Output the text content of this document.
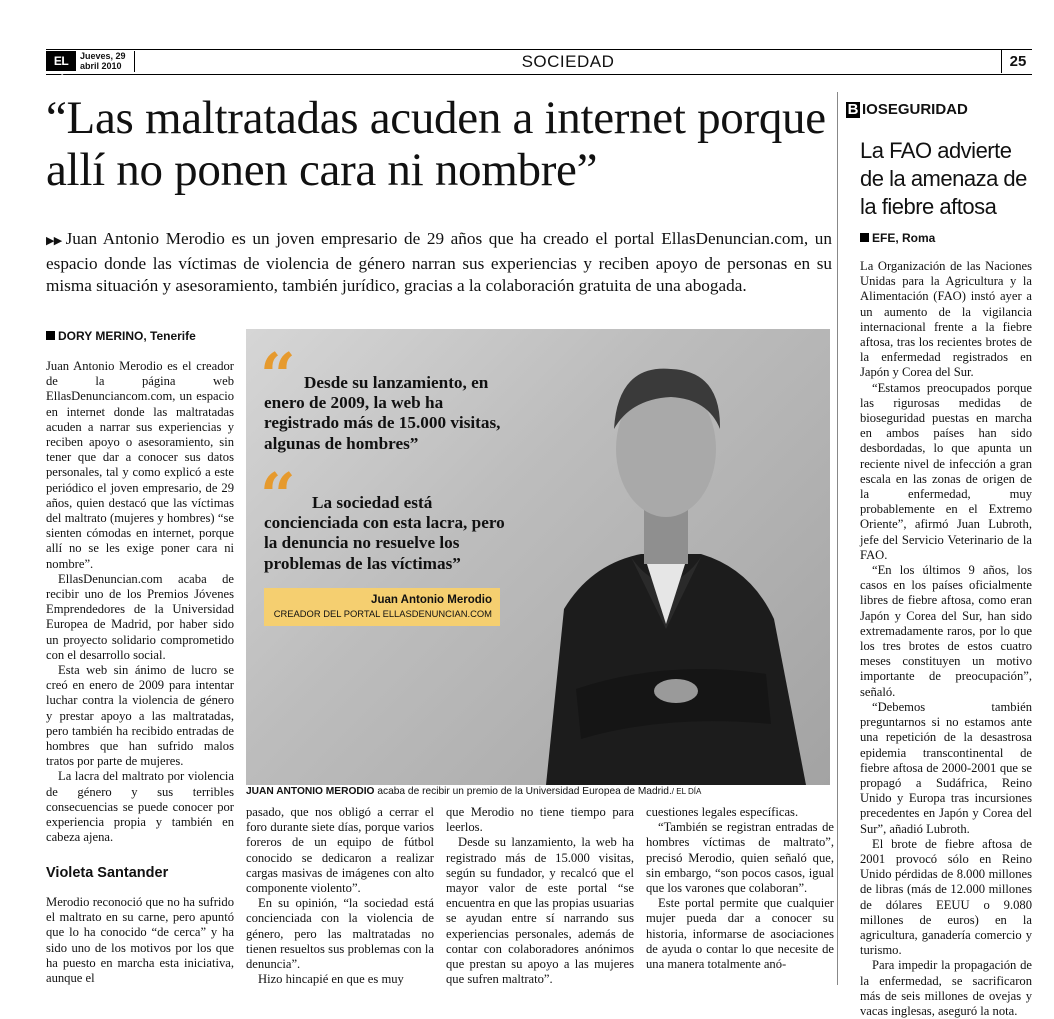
EL DÍA
Jueves, 29
abril 2010	SOCIEDAD	25
“Las maltratadas acuden a internet porque allí no ponen cara ni nombre”
▶▶ Juan Antonio Merodio es un joven empresario de 29 años que ha creado el portal EllasDenuncian.com, un espacio donde las víctimas de violencia de género narran sus experiencias y reciben apoyo de personas en su misma situación y asesoramiento, también jurídico, gracias a la colaboración gratuita de una abogada.
DORY MERINO, Tenerife

Juan Antonio Merodio es el creador de la página web EllasDenunciancom.com, un espacio en internet donde las maltratadas acuden a narrar sus experiencias y reciben apoyo o asesoramiento, sin tener que dar a conocer sus datos personales, tal y como explicó a este periódico el joven empresario, de 29 años, quien destacó que las víctimas del maltrato (mujeres y hombres) “se sienten cómodas en internet, porque allí no se les exige poner cara ni nombre”.

EllasDenuncian.com acaba de recibir uno de los Premios Jóvenes Emprendedores de la Universidad Europea de Madrid, por haber sido un proyecto solidario comprometido con el desarrollo social.

Esta web sin ánimo de lucro se creó en enero de 2009 para intentar luchar contra la violencia de género y prestar apoyo a las maltratadas, pero también ha recibido entradas de hombres que han sufrido malos tratos por parte de mujeres.

La lacra del maltrato por violencia de género y sus terribles consecuencias se puede conocer por experiencia propia y también en cabeza ajena.

Violeta Santander

Merodio reconoció que no ha sufrido el maltrato en su carne, pero apuntó que lo ha conocido “de cerca” y ha sido uno de los motivos por los que ha puesto en marcha esta iniciativa, aunque el

“ Desde su lanzamiento, en enero de 2009, la web ha registrado más de 15.000 visitas, algunas de hombres”
“ La sociedad está concienciada con esta lacra, pero la denuncia no resuelve los problemas de las víctimas”
Juan Antonio Merodio
CREADOR DEL PORTAL ELLASDENUNCIAN.COM
JUAN ANTONIO MERODIO acaba de recibir un premio de la Universidad Europea de Madrid./ EL DÍA

pasado, que nos obligó a cerrar el foro durante siete días, porque varios foreros de un equipo de fútbol conocido se dedicaron a realizar cargas masivas de imágenes con alto componente violento”.

En su opinión, “la sociedad está concienciada con la violencia de género, pero las maltratadas no tienen resueltos sus problemas con la denuncia”.

Hizo hincapié en que es muy

que Merodio no tiene tiempo para leerlos.

Desde su lanzamiento, la web ha registrado más de 15.000 visitas, según su fundador, y recalcó que el mayor valor de este portal “se encuentra en que las propias usuarias se ayudan entre sí narrando sus experiencias personales, además de contar con colaboradores anónimos que prestan su apoyo a las mujeres que sufren maltrato”.

cuestiones legales específicas.

“También se registran entradas de hombres víctimas de maltrato”, precisó Merodio, quien señaló que, sin embargo, “son pocos casos, igual que los varones que colaboran”.

Este portal permite que cualquier mujer pueda dar a conocer su historia, informarse de asociaciones de ayuda o contar lo que necesite de una manera totalmente anó-

B IOSEGURIDAD
La FAO advierte de la amenaza de la fiebre aftosa
EFE, Roma

La Organización de las Naciones Unidas para la Agricultura y la Alimentación (FAO) instó ayer a un aumento de la vigilancia internacional frente a la fiebre aftosa, tras los recientes brotes de la enfermedad registrados en Japón y Corea del Sur.

“Estamos preocupados porque las rigurosas medidas de bioseguridad puestas en marcha en ambos países han sido desbordadas, lo que apunta un reciente nivel de infección a gran escala en las zonas de origen de la enfermedad, muy probablemente en el Extremo Oriente”, afirmó Juan Lubroth, jefe del Servicio Veterinario de la FAO.

“En los últimos 9 años, los casos en los países oficialmente libres de fiebre aftosa, como eran Japón y Corea del Sur, han sido extremadamente raros, por lo que los tres brotes de estos cuatro meses constituyen un motivo importante de preocupación”, señaló.

“Debemos también preguntarnos si no estamos ante una repetición de la desastrosa epidemia transcontinental de fiebre aftosa de 2000-2001 que se propagó a Sudáfrica, Reino Unido y Europa tras incursiones precedentes en Japón y Corea del Sur”, añadió Lubroth.

El brote de fiebre aftosa de 2001 provocó sólo en Reino Unido pérdidas de 8.000 millones de libras (más de 12.000 millones de dólares EEUU o 9.080 millones de euros) en la agricultura, ganadería comercio y turismo.

Para impedir la propagación de la enfermedad, se sacrificaron más de seis millones de ovejas y vacas inglesas, aseguró la nota.
